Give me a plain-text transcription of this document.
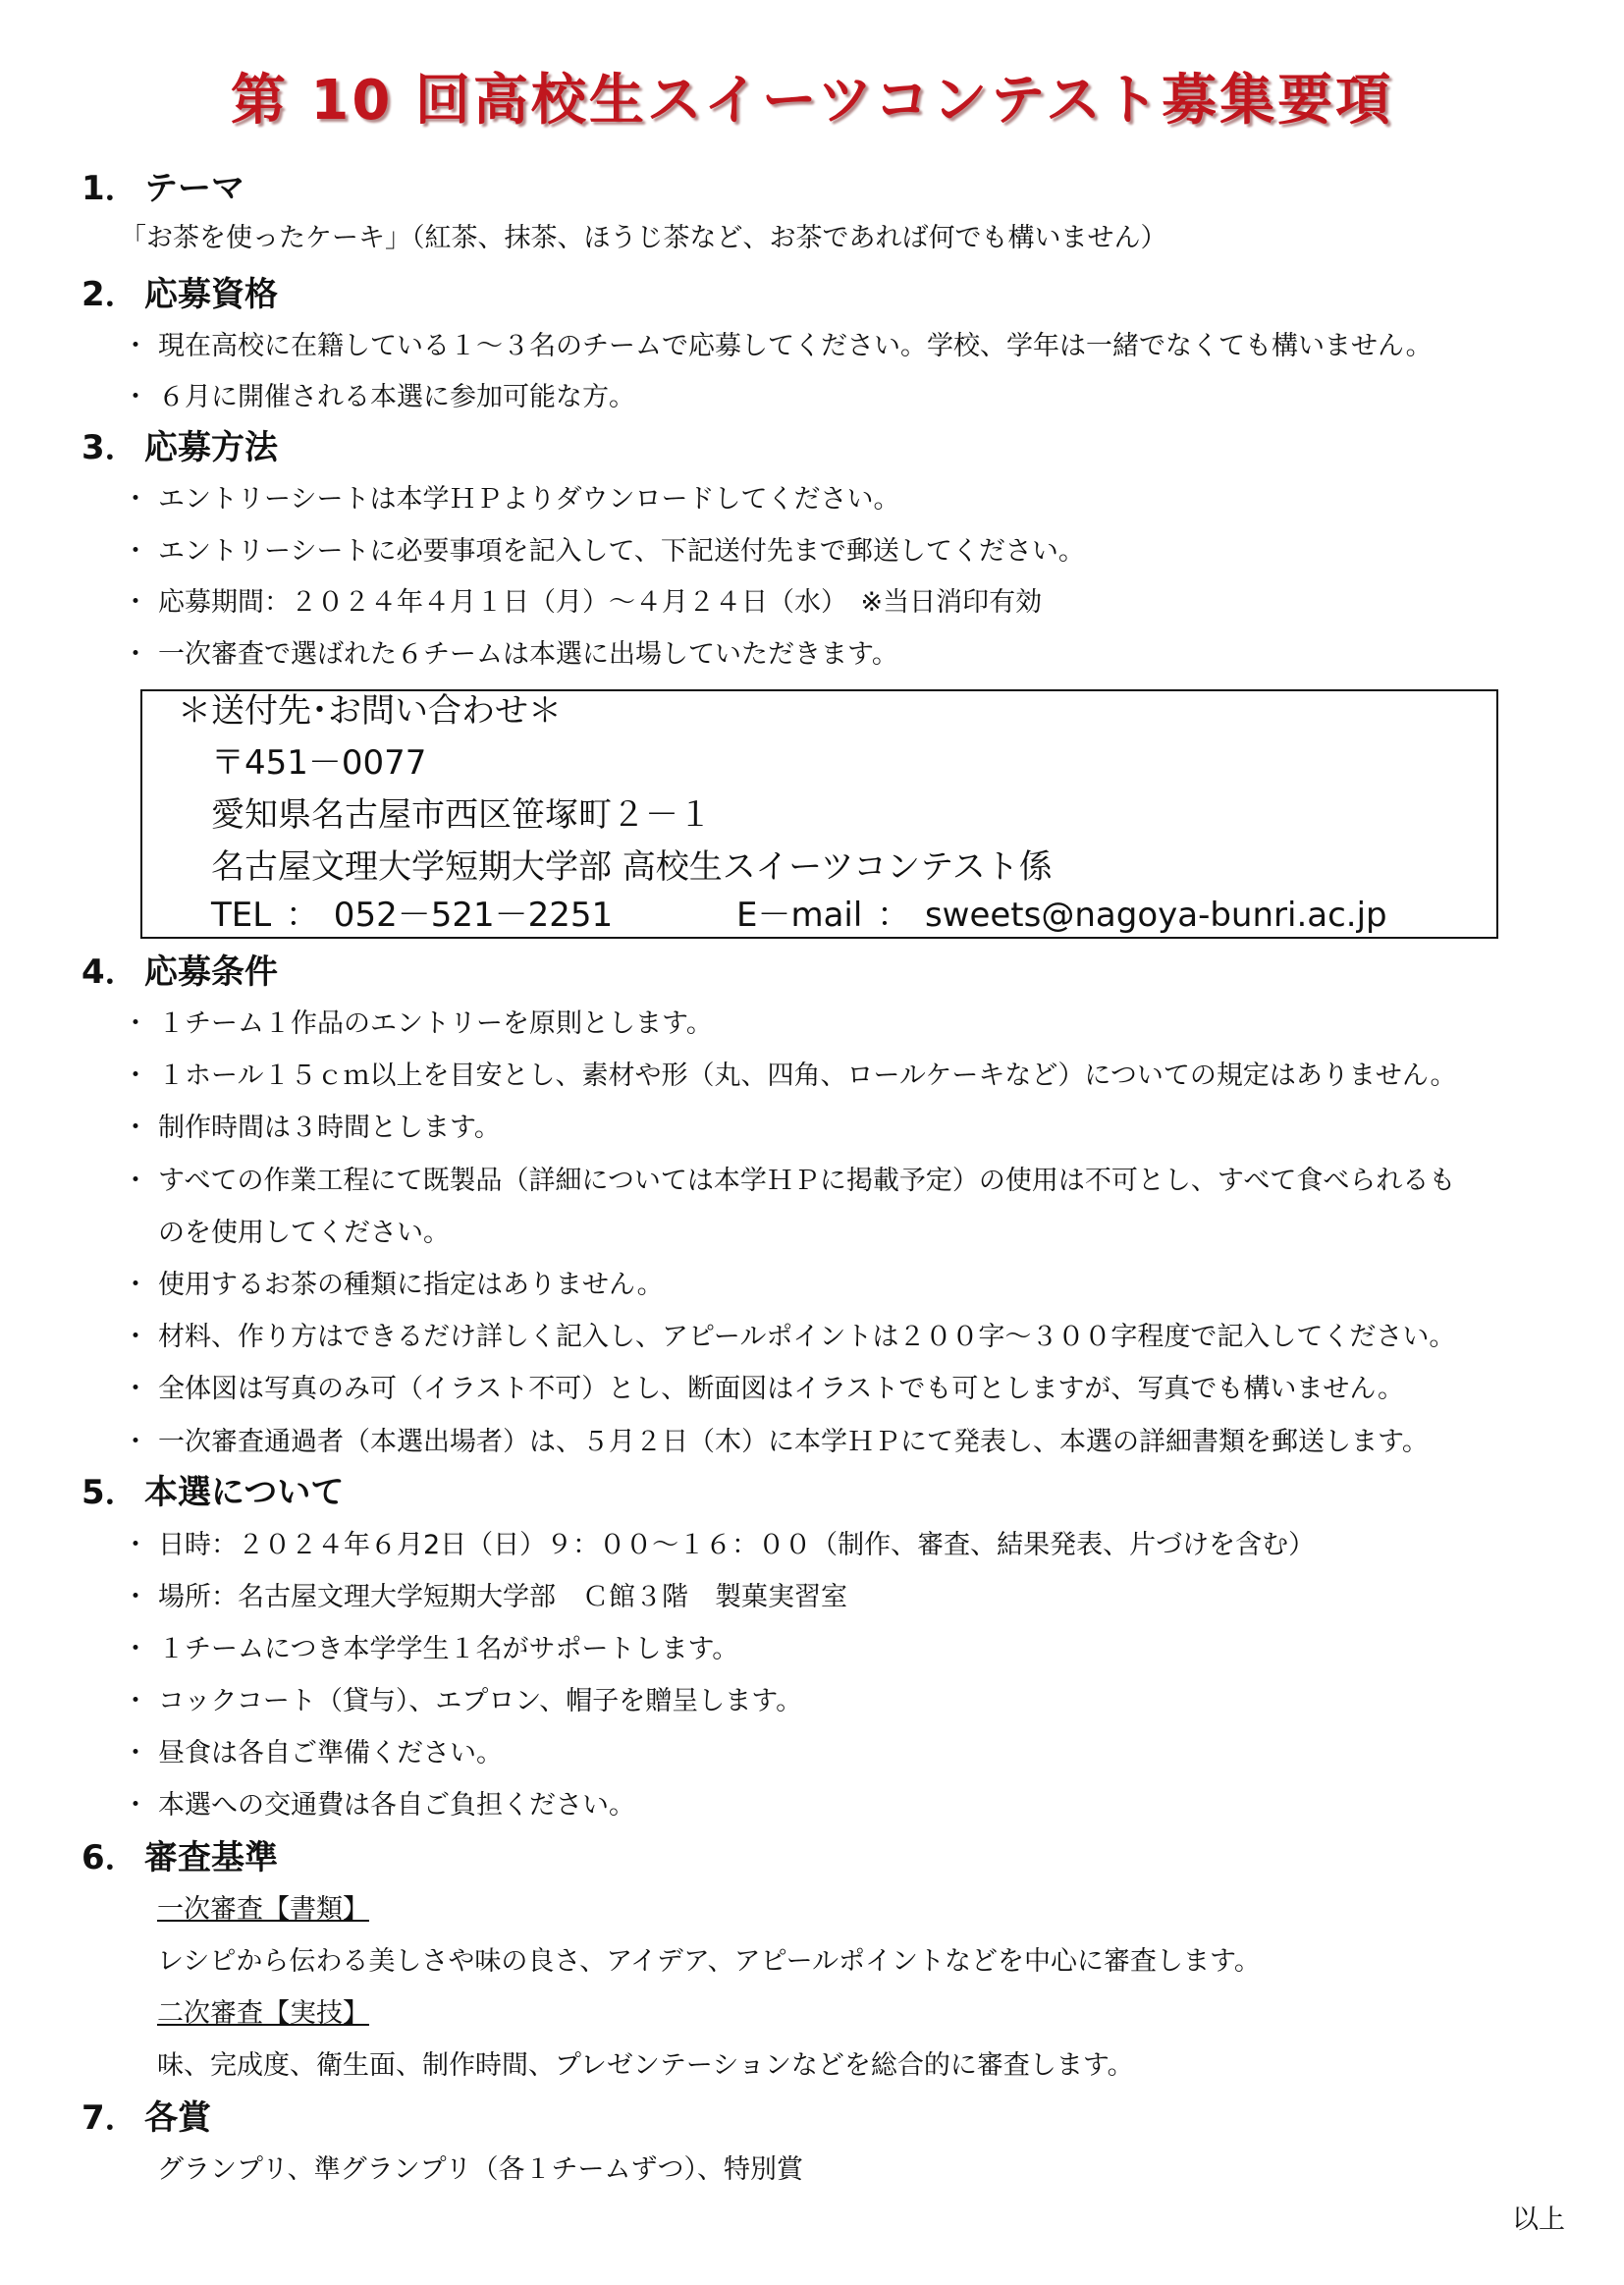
第 10 回高校生スイーツコンテスト募集要項
1． テーマ
「お茶を使ったケーキ」（紅茶、抹茶、ほうじ茶など、お茶であれば何でも構いません）
2． 応募資格
・ 現在高校に在籍している１～３名のチームで応募してください。学校、学年は一緒でなくても構いません。
・ ６月に開催される本選に参加可能な方。
3． 応募方法
・ エントリーシートは本学ＨＰよりダウンロードしてください。
・ エントリーシートに必要事項を記入して、下記送付先まで郵送してください。
・ 応募期間：２０２４年４月１日（月）～４月２４日（水）　※当日消印有効
・ 一次審査で選ばれた６チームは本選に出場していただきます。
＊送付先･お問い合わせ＊
〒451－0077
愛知県名古屋市西区笹塚町２－１
名古屋文理大学短期大学部 高校生スイーツコンテスト係
TEL ： 052－521－2251	E－mail ： sweets@nagoya-bunri.ac.jp
4． 応募条件
・ １チーム１作品のエントリーを原則とします。
・ １ホール１５ｃｍ以上を目安とし、素材や形（丸、四角、ロールケーキなど）についての規定はありません。
・ 制作時間は３時間とします。
・ すべての作業工程にて既製品（詳細については本学ＨＰに掲載予定）の使用は不可とし、すべて食べられるも
のを使用してください。
・ 使用するお茶の種類に指定はありません。
・ 材料、作り方はできるだけ詳しく記入し、アピールポイントは２００字～３００字程度で記入してください。
・ 全体図は写真のみ可（イラスト不可）とし、断面図はイラストでも可としますが、写真でも構いません。
・ 一次審査通過者（本選出場者）は、５月２日（木）に本学ＨＰにて発表し、本選の詳細書類を郵送します。
5． 本選について
・ 日時：２０２４年６月2日（日）９：００～１６：００（制作、審査、結果発表、片づけを含む）
・ 場所：名古屋文理大学短期大学部　Ｃ館３階　製菓実習室
・ １チームにつき本学学生１名がサポートします。
・ コックコート（貸与）、エプロン、帽子を贈呈します。
・ 昼食は各自ご準備ください。
・ 本選への交通費は各自ご負担ください。
6． 審査基準
一次審査【書類】
レシピから伝わる美しさや味の良さ、アイデア、アピールポイントなどを中心に審査します。
二次審査【実技】
味、完成度、衛生面、制作時間、プレゼンテーションなどを総合的に審査します。
7． 各賞
グランプリ、準グランプリ（各１チームずつ）、特別賞
以上
